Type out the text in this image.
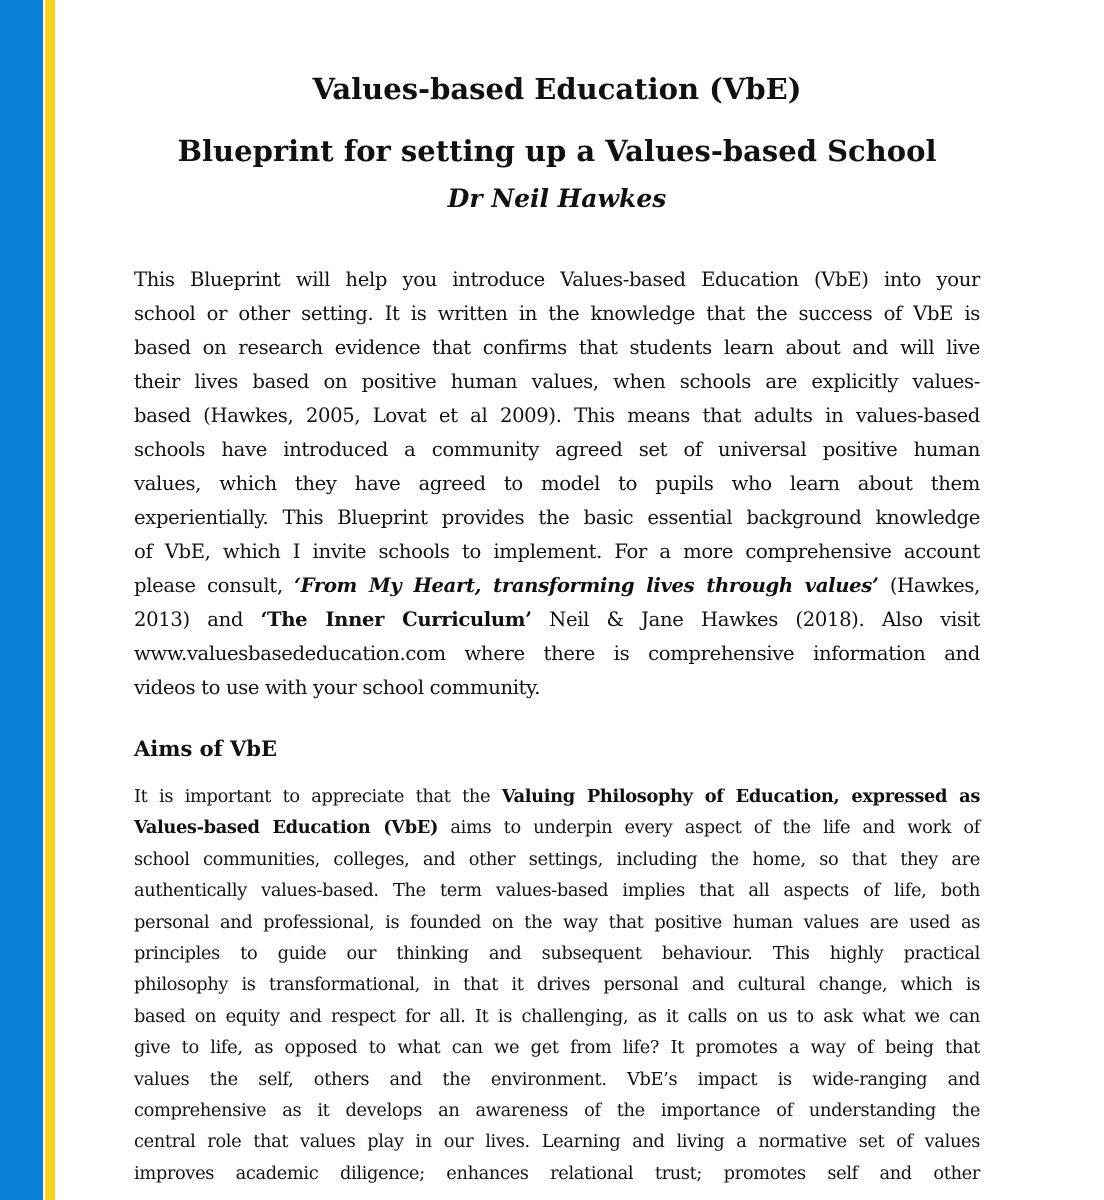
Values-based Education (VbE)
Blueprint for setting up a Values-based School
Dr Neil Hawkes

This Blueprint will help you introduce Values-based Education (VbE) into your
school or other setting. It is written in the knowledge that the success of VbE is
based on research evidence that confirms that students learn about and will live
their lives based on positive human values, when schools are explicitly values-
based (Hawkes, 2005, Lovat et al 2009). This means that adults in values-based
schools have introduced a community agreed set of universal positive human
values, which they have agreed to model to pupils who learn about them
experientially. This Blueprint provides the basic essential background knowledge
of VbE, which I invite schools to implement. For a more comprehensive account
please consult, ‘From My Heart, transforming lives through values’ (Hawkes,
2013) and ‘The Inner Curriculum’ Neil & Jane Hawkes (2018). Also visit
www.valuesbasededucation.com where there is comprehensive information and
videos to use with your school community.

Aims of VbE

It is important to appreciate that the Valuing Philosophy of Education, expressed as
Values-based Education (VbE) aims to underpin every aspect of the life and work of
school communities, colleges, and other settings, including the home, so that they are
authentically values-based. The term values-based implies that all aspects of life, both
personal and professional, is founded on the way that positive human values are used as
principles to guide our thinking and subsequent behaviour. This highly practical
philosophy is transformational, in that it drives personal and cultural change, which is
based on equity and respect for all. It is challenging, as it calls on us to ask what we can
give to life, as opposed to what can we get from life? It promotes a way of being that
values the self, others and the environment. VbE’s impact is wide-ranging and
comprehensive as it develops an awareness of the importance of understanding the
central role that values play in our lives. Learning and living a normative set of values
improves academic diligence; enhances relational trust; promotes self and other
